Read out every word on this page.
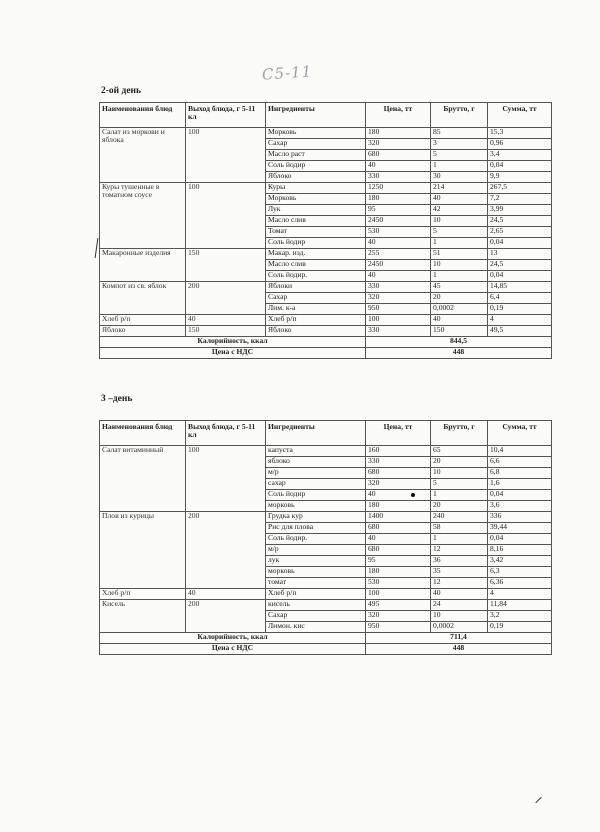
C5-11
2-ой день
Наименования блюд	Выход блюда, г 5-11 кл	Ингредиенты	Цена, тт	Брутто, г	Сумма, тт
Салат из моркови и яблока	100	Морковь	180	85	15,3
		Сахар	320	3	0,96
		Масло раст	680	5	3,4
		Соль йодир	40	1	0,04
		Яблоко	330	30	9,9
Куры тушенные в томатном соусе	100	Куры	1250	214	267,5
		Морковь	180	40	7,2
		Лук	95	42	3,99
		Масло слив	2450	10	24,5
		Томат	530	5	2,65
		Соль йодир	40	1	0,04
Макаронные изделия	150	Макар. изд.	255	51	13
		Масло слив	2450	10	24,5
		Соль йодир.	40	1	0,04
Компот из св. яблок	200	Яблоки	330	45	14,85
		Сахар	320	20	6,4
		Лим. к-а	950	0,0002	0,19
Хлеб р/п	40	Хлеб р/п	100	40	4
Яблоко	150	Яблоко	330	150	49,5
Калорийность, ккал			844,5		
Цена с НДС			448		
3 –день
Наименования блюд	Выход блюда, г 5-11 кл	Ингредиенты	Цена, тт	Брутто, г	Сумма, тт
Салат витаминный	100	капуста	160	65	10,4
		яблоко	330	20	6,6
		м/р	680	10	6,8
		сахар	320	5	1,6
		Соль йодир	40	1	0,04
		морковь	180	20	3,6
Плов из курицы	200	Грудка кур	1400	240	336
		Рис для плова	680	58	39,44
		Соль йодир.	40	1	0,04
		м/р	680	12	8,16
		лук	95	36	3,42
		морковь	180	35	6,3
		томат	530	12	6,36
Хлеб р/п	40	Хлеб р/п	100	40	4
Кисель	200	кисель	495	24	11,84
		Сахар	320	10	3,2
		Лимон. кис	950	0,0002	0,19
Калорийность, ккал			711,4		
Цена с НДС			448		
